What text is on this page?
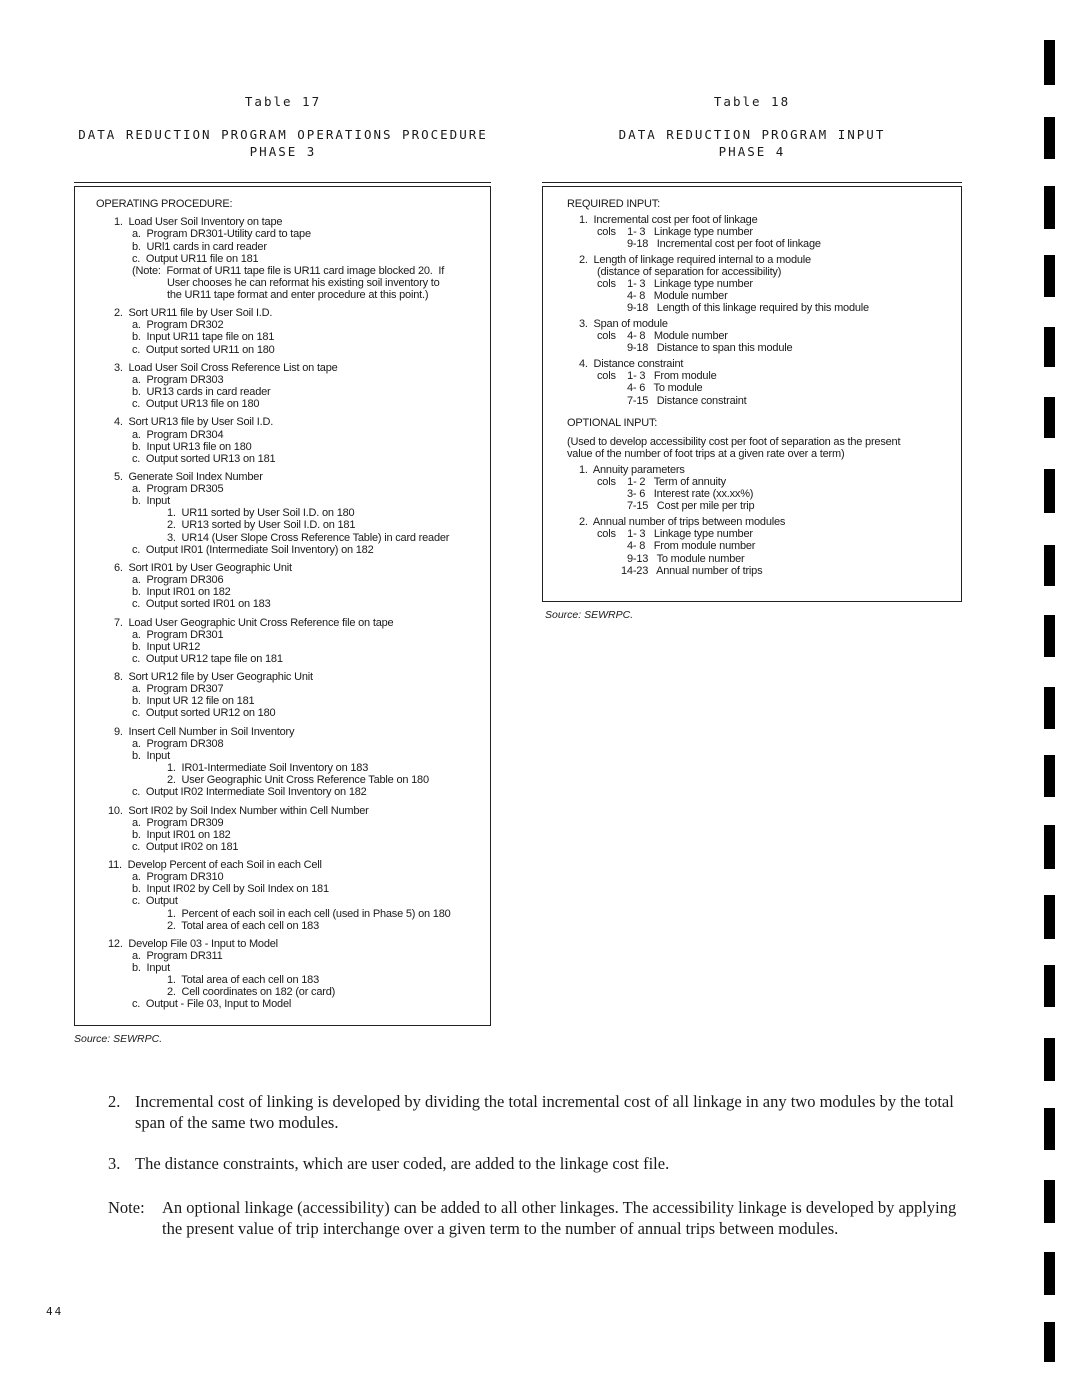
Table 17
DATA REDUCTION PROGRAM OPERATIONS PROCEDURE
PHASE 3
OPERATING PROCEDURE:
1.  Load User Soil Inventory on tape
a.  Program DR301-Utility card to tape
b.  URl1 cards in card reader
c.  Output UR11 file on 181
(Note:  Format of UR11 tape file is UR11 card image blocked 20.  If
User chooses he can reformat his existing soil inventory to
the UR11 tape format and enter procedure at this point.)
2.  Sort UR11 file by User Soil I.D.
a.  Program DR302
b.  Input UR11 tape file on 181
c.  Output sorted UR11 on 180
3.  Load User Soil Cross Reference List on tape
a.  Program DR303
b.  UR13 cards in card reader
c.  Output UR13 file on 180
4.  Sort UR13 file by User Soil I.D.
a.  Program DR304
b.  Input UR13 file on 180
c.  Output sorted UR13 on 181
5.  Generate Soil Index Number
a.  Program DR305
b.  Input
1.  UR11 sorted by User Soil I.D. on 180
2.  UR13 sorted by User Soil I.D. on 181
3.  UR14 (User Slope Cross Reference Table) in card reader
c.  Output IR01 (Intermediate Soil Inventory) on 182
6.  Sort IR01 by User Geographic Unit
a.  Program DR306
b.  Input IR01 on 182
c.  Output sorted IR01 on 183
7.  Load User Geographic Unit Cross Reference file on tape
a.  Program DR301
b.  Input UR12
c.  Output UR12 tape file on 181
8.  Sort UR12 file by User Geographic Unit
a.  Program DR307
b.  Input UR 12 file on 181
c.  Output sorted UR12 on 180
9.  Insert Cell Number in Soil Inventory
a.  Program DR308
b.  Input
1.  IR01-Intermediate Soil Inventory on 183
2.  User Geographic Unit Cross Reference Table on 180
c.  Output IR02 Intermediate Soil Inventory on 182
10.  Sort IR02 by Soil Index Number within Cell Number
a.  Program DR309
b.  Input IR01 on 182
c.  Output IR02 on 181
11.  Develop Percent of each Soil in each Cell
a.  Program DR310
b.  Input IR02 by Cell by Soil Index on 181
c.  Output
1.  Percent of each soil in each cell (used in Phase 5) on 180
2.  Total area of each cell on 183
12.  Develop File 03 - Input to Model
a.  Program DR311
b.  Input
1.  Total area of each cell on 183
2.  Cell coordinates on 182 (or card)
c.  Output - File 03, Input to Model
Source: SEWRPC.
Table 18
DATA REDUCTION PROGRAM INPUT
PHASE 4
REQUIRED INPUT:
1.  Incremental cost per foot of linkage
cols    1- 3   Linkage type number
9-18   Incremental cost per foot of linkage
2.  Length of linkage required internal to a module
(distance of separation for accessibility)
cols    1- 3   Linkage type number
4- 8   Module number
9-18   Length of this linkage required by this module
3.  Span of module
cols    4- 8   Module number
9-18   Distance to span this module
4.  Distance constraint
cols    1- 3   From module
4- 6   To module
7-15   Distance constraint
OPTIONAL INPUT:
(Used to develop accessibility cost per foot of separation as the present
value of the number of foot trips at a given rate over a term)
1.  Annuity parameters
cols    1- 2   Term of annuity
3- 6   Interest rate (xx.xx%)
7-15   Cost per mile per trip
2.  Annual number of trips between modules
cols    1- 3   Linkage type number
4- 8   From module number
9-13   To module number
14-23   Annual number of trips
Source: SEWRPC.
2. Incremental cost of linking is developed by dividing the total incremental cost of all linkage in any two modules by the total span of the same two modules.
3. The distance constraints, which are user coded, are added to the linkage cost file.
Note: An optional linkage (accessibility) can be added to all other linkages. The accessibility linkage is developed by applying the present value of trip interchange over a given term to the number of annual trips between modules.
44
